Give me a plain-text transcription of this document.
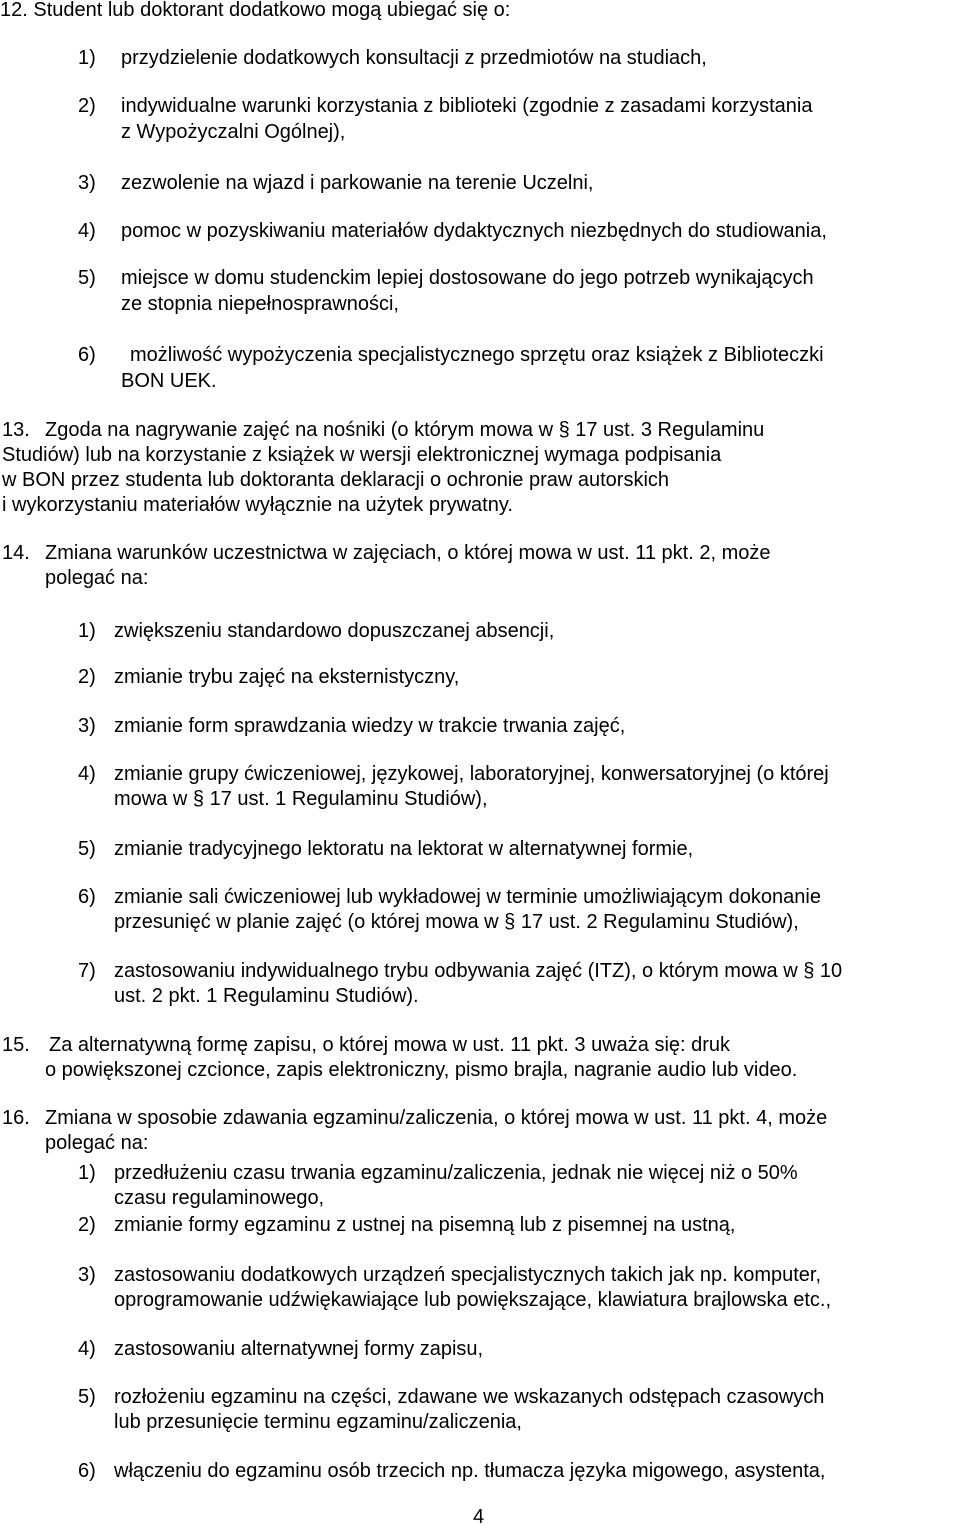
12. Student lub doktorant dodatkowo mogą ubiegać się o:
1) przydzielenie dodatkowych konsultacji z przedmiotów na studiach,
2) indywidualne warunki korzystania z biblioteki (zgodnie z zasadami korzystania
z Wypożyczalni Ogólnej),
3) zezwolenie na wjazd i parkowanie na terenie Uczelni,
4) pomoc w pozyskiwaniu materiałów dydaktycznych niezbędnych do studiowania,
5) miejsce w domu studenckim lepiej dostosowane do jego potrzeb wynikających
ze stopnia niepełnosprawności,
6) możliwość wypożyczenia specjalistycznego sprzętu oraz książek z Biblioteczki
BON UEK.
13. Zgoda na nagrywanie zajęć na nośniki (o którym mowa w § 17 ust. 3 Regulaminu
Studiów) lub na korzystanie z książek w wersji elektronicznej wymaga podpisania
w BON przez studenta lub doktoranta deklaracji o ochronie praw autorskich
i wykorzystaniu materiałów wyłącznie na użytek prywatny.
14. Zmiana warunków uczestnictwa w zajęciach, o której mowa w ust. 11 pkt. 2, może
polegać na:
1) zwiększeniu standardowo dopuszczanej absencji,
2) zmianie trybu zajęć na eksternistyczny,
3) zmianie form sprawdzania wiedzy w trakcie trwania zajęć,
4) zmianie grupy ćwiczeniowej, językowej, laboratoryjnej, konwersatoryjnej (o której
mowa w § 17 ust. 1 Regulaminu Studiów),
5) zmianie tradycyjnego lektoratu na lektorat w alternatywnej formie,
6) zmianie sali ćwiczeniowej lub wykładowej w terminie umożliwiającym dokonanie
przesunięć w planie zajęć (o której mowa w § 17 ust. 2 Regulaminu Studiów),
7) zastosowaniu indywidualnego trybu odbywania zajęć (ITZ), o którym mowa w § 10
ust. 2 pkt. 1 Regulaminu Studiów).
15. Za alternatywną formę zapisu, o której mowa w ust. 11 pkt. 3 uważa się: druk
o powiększonej czcionce, zapis elektroniczny, pismo brajla, nagranie audio lub video.
16. Zmiana w sposobie zdawania egzaminu/zaliczenia, o której mowa w ust. 11 pkt. 4, może
polegać na:
1) przedłużeniu czasu trwania egzaminu/zaliczenia, jednak nie więcej niż o 50%
czasu regulaminowego,
2) zmianie formy egzaminu z ustnej na pisemną lub z pisemnej na ustną,
3) zastosowaniu dodatkowych urządzeń specjalistycznych takich jak np. komputer,
oprogramowanie udźwiękawiające lub powiększające, klawiatura brajlowska etc.,
4) zastosowaniu alternatywnej formy zapisu,
5) rozłożeniu egzaminu na części, zdawane we wskazanych odstępach czasowych
lub przesunięcie terminu egzaminu/zaliczenia,
6) włączeniu do egzaminu osób trzecich np. tłumacza języka migowego, asystenta,
4
